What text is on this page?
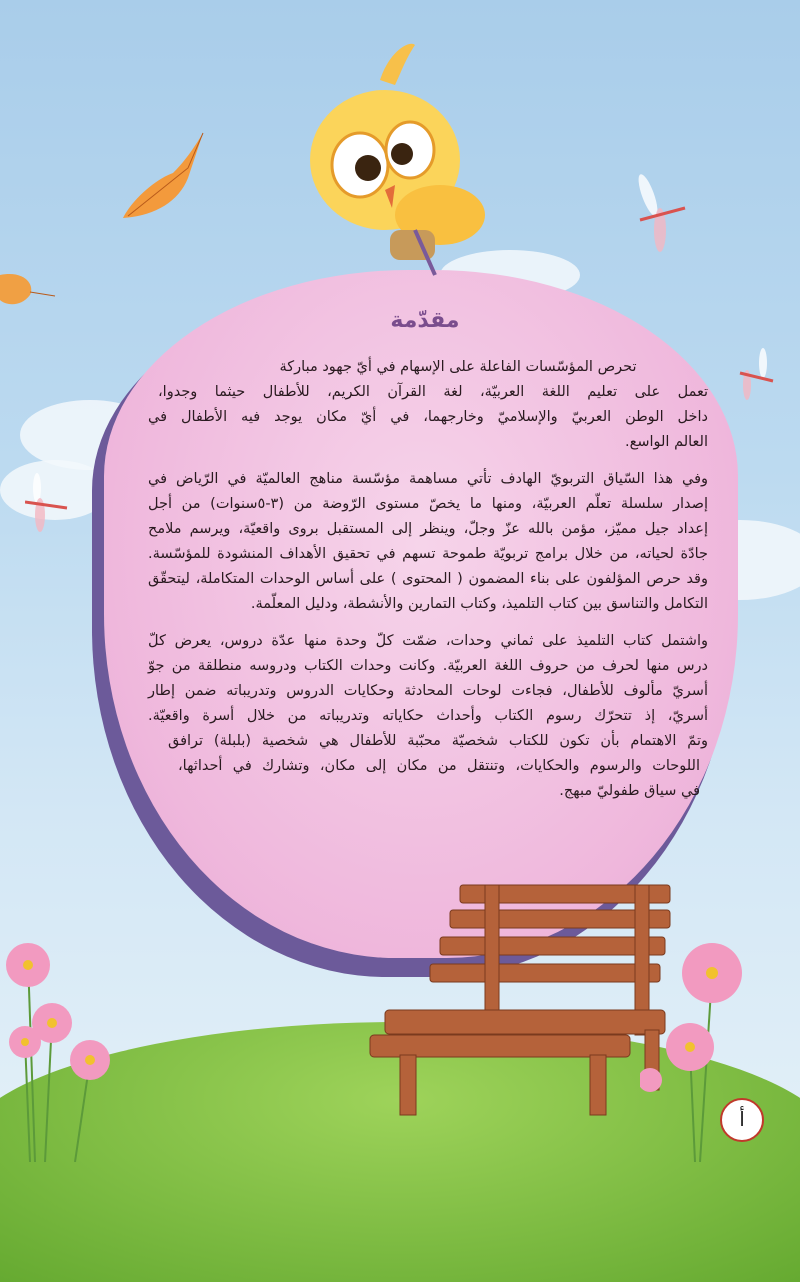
مقدّمة
تحرص المؤسّسات الفاعلة على الإسهام في أيّ جهود مباركة
تعمل على تعليم اللغة العربيّة، لغة القرآن الكريم، للأطفال حيثما وجدوا،
داخل الوطن العربيّ والإسلاميّ وخارجهما، في أيّ مكان يوجد فيه الأطفال في
العالم الواسع.
وفي هذا السّياق التربويّ الهادف تأتي مساهمة مؤسّسة مناهج العالميّة في الرّياض في
إصدار سلسلة تعلّم العربيّة، ومنها ما يخصّ مستوى الرّوضة من (٣-٥سنوات) من أجل
إعداد جيل مميّز، مؤمن بالله عزّ وجلّ، وينظر إلى المستقبل بروى واقعيّة، ويرسم ملامح
جادّة لحياته، من خلال برامج تربويّة طموحة تسهم في تحقيق الأهداف المنشودة للمؤسّسة.
وقد حرص المؤلفون على بناء المضمون ( المحتوى ) على أساس الوحدات المتكاملة، ليتحقّق
التكامل والتناسق بين كتاب التلميذ، وكتاب التمارين والأنشطة، ودليل المعلّمة.
واشتمل كتاب التلميذ على ثماني وحدات، ضمّت كلّ وحدة منها عدّة دروس، يعرض كلّ
درس منها لحرف من حروف اللغة العربيّة. وكانت وحدات الكتاب ودروسه منطلقة من جوّ
أسريّ مألوف للأطفال، فجاءت لوحات المحادثة وحكايات الدروس وتدريباته ضمن إطار
أسريّ، إذ تتحرّك رسوم الكتاب وأحداث حكاياته وتدريباته من خلال أسرة واقعيّة.
وتمّ الاهتمام بأن تكون للكتاب شخصيّة محبّبة للأطفال هي شخصية (بلبلة) ترافق
اللوحات والرسوم والحكايات، وتنتقل من مكان إلى مكان، وتشارك في أحداثها،
في سياق طفوليّ مبهج.
أ
